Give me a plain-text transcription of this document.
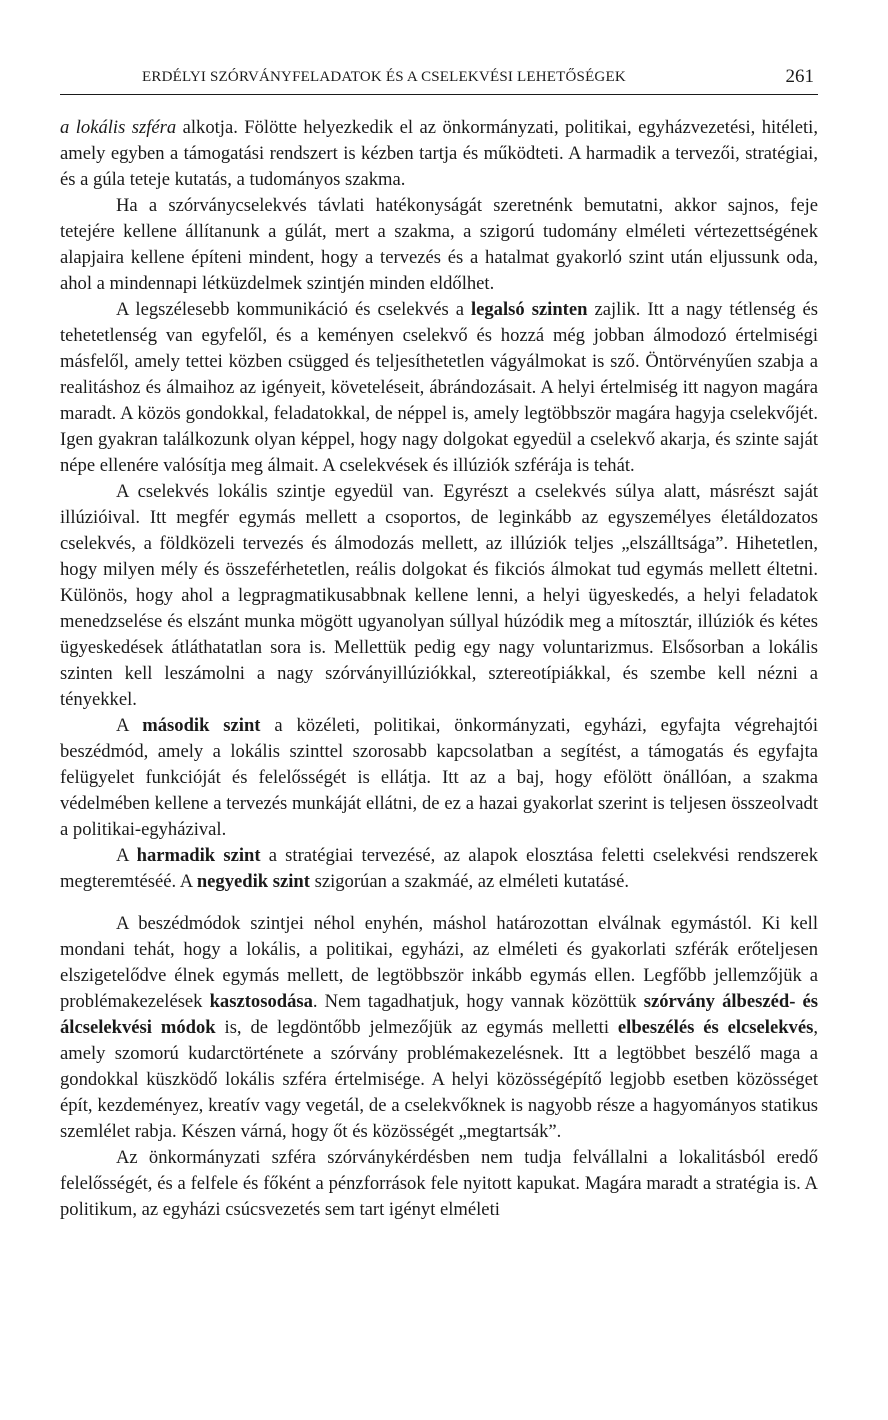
ERDÉLYI SZÓRVÁNYFELADATOK ÉS A CSELEKVÉSI LEHETŐSÉGEK	261

a lokális szféra alkotja. Fölötte helyezkedik el az önkormányzati, politikai, egyházvezetési, hitéleti, amely egyben a támogatási rendszert is kézben tartja és működteti. A harmadik a tervezői, stratégiai, és a gúla teteje kutatás, a tudományos szakma.

Ha a szórványcselekvés távlati hatékonyságát szeretnénk bemutatni, akkor sajnos, feje tetejére kellene állítanunk a gúlát, mert a szakma, a szigorú tudomány elméleti vértezettségének alapjaira kellene építeni mindent, hogy a tervezés és a hatalmat gyakorló szint után eljussunk oda, ahol a mindennapi létküzdelmek szintjén minden eldőlhet.

A legszélesebb kommunikáció és cselekvés a legalsó szinten zajlik. Itt a nagy tétlenség és tehetetlenség van egyfelől, és a keményen cselekvő és hozzá még jobban álmodozó értelmiségi másfelől, amely tettei közben csügged és teljesíthetetlen vágyálmokat is sző. Öntörvényűen szabja a realitáshoz és álmaihoz az igényeit, követeléseit, ábrándozásait. A helyi értelmiség itt nagyon magára maradt. A közös gondokkal, feladatokkal, de néppel is, amely legtöbbször magára hagyja cselekvőjét. Igen gyakran találkozunk olyan képpel, hogy nagy dolgokat egyedül a cselekvő akarja, és szinte saját népe ellenére valósítja meg álmait. A cselekvések és illúziók szférája is tehát.

A cselekvés lokális szintje egyedül van. Egyrészt a cselekvés súlya alatt, másrészt saját illúzióival. Itt megfér egymás mellett a csoportos, de leginkább az egyszemélyes életáldozatos cselekvés, a földközeli tervezés és álmodozás mellett, az illúziók teljes „elszálltsága”. Hihetetlen, hogy milyen mély és összeférhetetlen, reális dolgokat és fikciós álmokat tud egymás mellett éltetni. Különös, hogy ahol a legpragmatikusabbnak kellene lenni, a helyi ügyeskedés, a helyi feladatok menedzselése és elszánt munka mögött ugyanolyan súllyal húzódik meg a mítosztár, illúziók és kétes ügyeskedések átláthatatlan sora is. Mellettük pedig egy nagy voluntarizmus. Elsősorban a lokális szinten kell leszámolni a nagy szórványillúziókkal, sztereotípiákkal, és szembe kell nézni a tényekkel.

A második szint a közéleti, politikai, önkormányzati, egyházi, egyfajta végrehajtói beszédmód, amely a lokális szinttel szorosabb kapcsolatban a segítést, a támogatás és egyfajta felügyelet funkcióját és felelősségét is ellátja. Itt az a baj, hogy efölött önállóan, a szakma védelmében kellene a tervezés munkáját ellátni, de ez a hazai gyakorlat szerint is teljesen összeolvadt a politikai-egyházival.

A harmadik szint a stratégiai tervezésé, az alapok elosztása feletti cselekvési rendszerek megteremtéséé. A negyedik szint szigorúan a szakmáé, az elméleti kutatásé.

A beszédmódok szintjei néhol enyhén, máshol határozottan elválnak egymástól. Ki kell mondani tehát, hogy a lokális, a politikai, egyházi, az elméleti és gyakorlati szférák erőteljesen elszigetelődve élnek egymás mellett, de legtöbbször inkább egymás ellen. Legfőbb jellemzőjük a problémakezelések kasztosodása. Nem tagadhatjuk, hogy vannak közöttük szórvány álbeszéd- és álcselekvési módok is, de legdöntőbb jelmezőjük az egymás melletti elbeszélés és elcselekvés, amely szomorú kudarctörténete a szórvány problémakezelésnek. Itt a legtöbbet beszélő maga a gondokkal küszködő lokális szféra értelmisége. A helyi közösségépítő legjobb esetben közösséget épít, kezdeményez, kreatív vagy vegetál, de a cselekvőknek is nagyobb része a hagyományos statikus szemlélet rabja. Készen várná, hogy őt és közösségét „megtartsák”.

Az önkormányzati szféra szórványkérdésben nem tudja felvállalni a lokalitásból eredő felelősségét, és a felfele és főként a pénzforrások fele nyitott kapukat. Magára maradt a stratégia is. A politikum, az egyházi csúcsvezetés sem tart igényt elméleti
